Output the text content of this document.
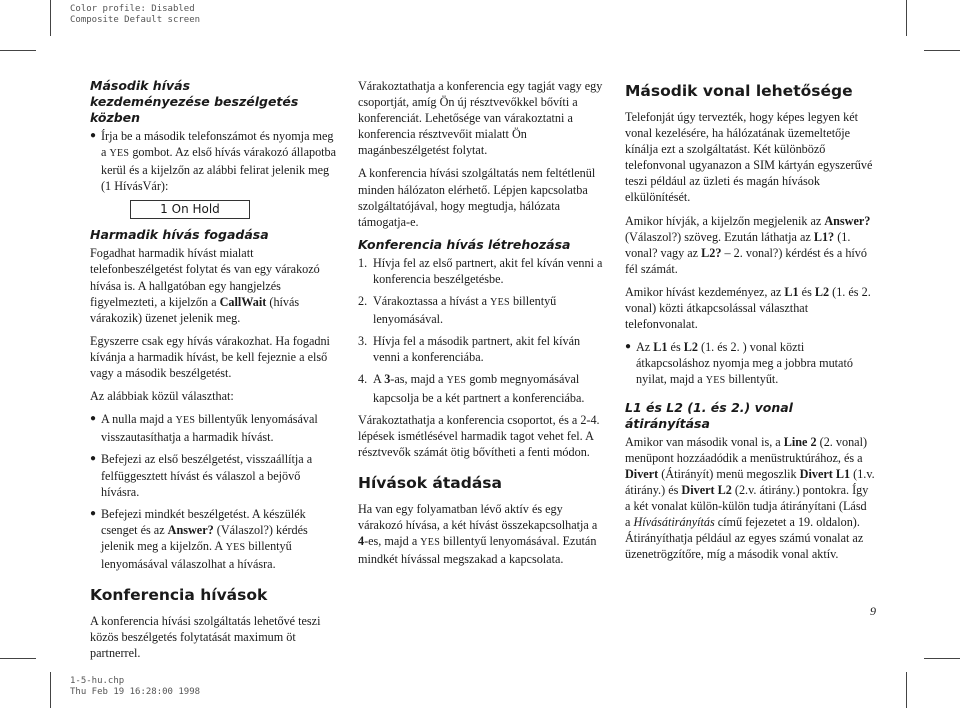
Color profile: Disabled
Composite Default screen
1-5-hu.chp
Thu Feb 19 16:28:00 1998
Második hívás
kezdeményezése beszélgetés közben
● Írja be a második telefonszámot és nyomja meg a YES gombot. Az első hívás várakozó állapotba kerül és a kijelzőn az alábbi felirat jelenik meg (1 HívásVár):
1 On Hold
Harmadik hívás fogadása

Fogadhat harmadik hívást mialatt telefonbeszélgetést folytat és van egy várakozó hívása is. A hallgatóban egy hangjelzés figyelmezteti, a kijelzőn a CallWait (hívás várakozik) üzenet jelenik meg.

Egyszerre csak egy hívás várakozhat. Ha fogadni kívánja a harmadik hívást, be kell fejeznie a első vagy a második beszélgetést.

Az alábbiak közül választhat:

● A nulla majd a YES billentyűk lenyomásával visszautasíthatja a harmadik hívást.
● Befejezi az első beszélgetést, visszaállítja a felfüggesztett hívást és válaszol a bejövő hívásra.
● Befejezi mindkét beszélgetést. A készülék csenget és az Answer? (Válaszol?) kérdés jelenik meg a kijelzőn. A YES billentyű lenyomásával válaszolhat a hívásra.
Konferencia hívások

A konferencia hívási szolgáltatás lehetővé teszi közös beszélgetés folytatását maximum öt partnerrel.

Várakoztathatja a konferencia egy tagját vagy egy csoportját, amíg Ön új résztvevőkkel bővíti a konferenciát. Lehetősége van várakoztatni a konferencia résztvevőit mialatt Ön magánbeszélgetést folytat.

A konferencia hívási szolgáltatás nem feltétlenül minden hálózaton elérhető. Lépjen kapcsolatba szolgáltatójával, hogy megtudja, hálózata támogatja-e.

Konferencia hívás létrehozása
1. Hívja fel az első partnert, akit fel kíván venni a konferencia beszélgetésbe.
2. Várakoztassa a hívást a YES billentyű lenyomásával.
3. Hívja fel a második partnert, akit fel kíván venni a konferenciába.
4. A 3-as, majd a YES gomb megnyomásával kapcsolja be a két partnert a konferenciába.

Várakoztathatja a konferencia csoportot, és a 2-4. lépések ismétlésével harmadik tagot vehet fel. A résztvevők számát ötig bővítheti a fenti módon.

Hívások átadása

Ha van egy folyamatban lévő aktív és egy várakozó hívása, a két hívást összekapcsolhatja a 4-es, majd a YES billentyű lenyomásával. Ezután mindkét hívással megszakad a kapcsolata.

Második vonal lehetősége

Telefonját úgy tervezték, hogy képes legyen két vonal kezelésére, ha hálózatának üzemeltetője kínálja ezt a szolgáltatást. Két különböző telefonvonal ugyanazon a SIM kártyán egyszerűvé teszi például az üzleti és magán hívások elkülönítését.

Amikor hívják, a kijelzőn megjelenik az Answer? (Válaszol?) szöveg. Ezután láthatja az L1? (1. vonal? vagy az L2? – 2. vonal?) kérdést és a hívó fél számát.

Amikor hívást kezdeményez, az L1 és L2 (1. és 2. vonal) közti átkapcsolással választhat telefonvonalat.

● Az L1 és L2 (1. és 2. ) vonal közti átkapcsoláshoz nyomja meg a jobbra mutató nyilat, majd a YES billentyűt.
L1 és L2 (1. és 2.) vonal átirányítása

Amikor van második vonal is, a Line 2 (2. vonal) menüpont hozzáadódik a menüstruktúrához, és a Divert (Átirányít) menü megoszlik Divert L1 (1.v. átirány.) és Divert L2 (2.v. átirány.) pontokra. Így a két vonalat külön-külön tudja átirányítani (Lásd a Hívásátirányítás című fejezetet a 19. oldalon). Átirányíthatja például az egyes számú vonalat az üzenetrögzítőre, míg a második vonal aktív.

9
